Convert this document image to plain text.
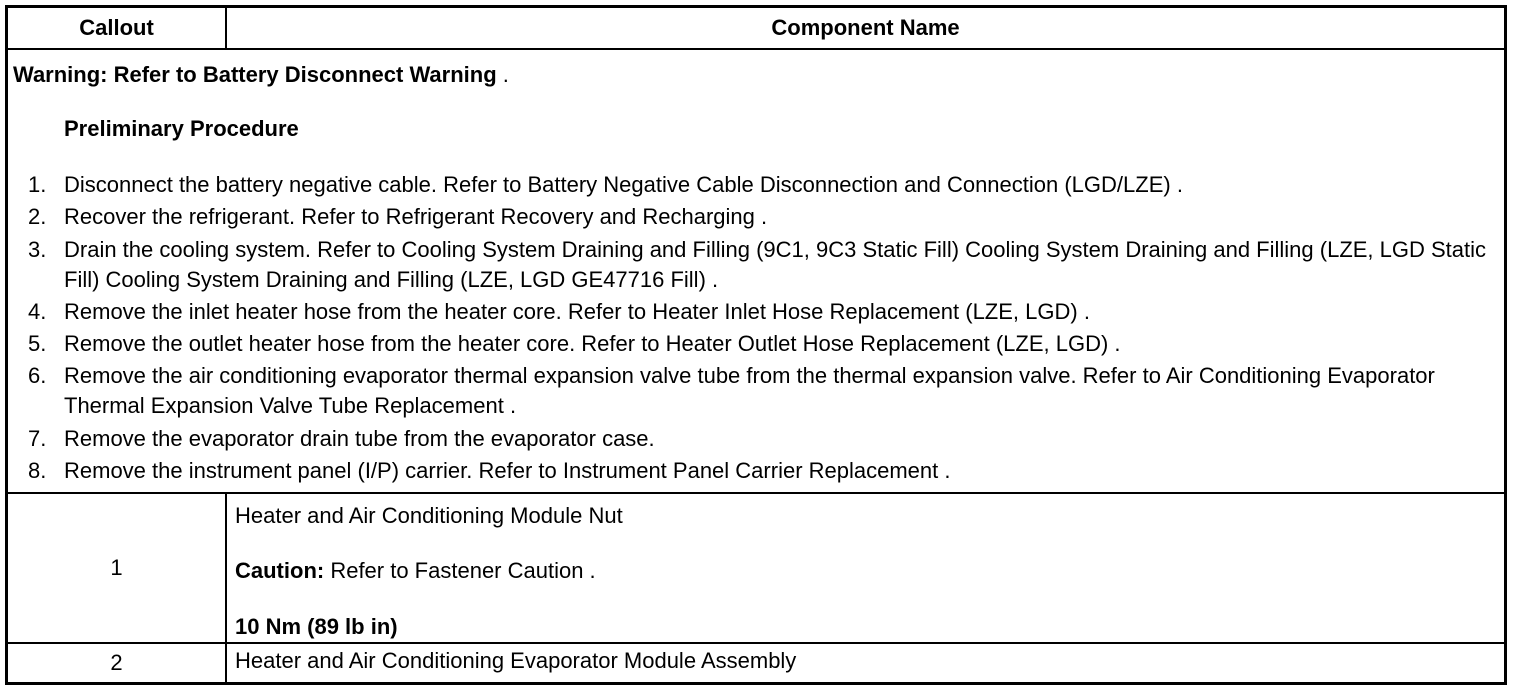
Callout	Component Name
Warning: Refer to Battery Disconnect Warning .
Preliminary Procedure
1. Disconnect the battery negative cable. Refer to Battery Negative Cable Disconnection and Connection (LGD/LZE) .
2. Recover the refrigerant. Refer to Refrigerant Recovery and Recharging .
3. Drain the cooling system. Refer to Cooling System Draining and Filling (9C1, 9C3 Static Fill) Cooling System Draining and Filling (LZE, LGD Static Fill) Cooling System Draining and Filling (LZE, LGD GE47716 Fill) .
4. Remove the inlet heater hose from the heater core. Refer to Heater Inlet Hose Replacement (LZE, LGD) .
5. Remove the outlet heater hose from the heater core. Refer to Heater Outlet Hose Replacement (LZE, LGD) .
6. Remove the air conditioning evaporator thermal expansion valve tube from the thermal expansion valve. Refer to Air Conditioning Evaporator Thermal Expansion Valve Tube Replacement .
7. Remove the evaporator drain tube from the evaporator case.
8. Remove the instrument panel (I/P) carrier. Refer to Instrument Panel Carrier Replacement .
1
Heater and Air Conditioning Module Nut
Caution: Refer to Fastener Caution .
10 Nm (89 lb in)
2	Heater and Air Conditioning Evaporator Module Assembly
